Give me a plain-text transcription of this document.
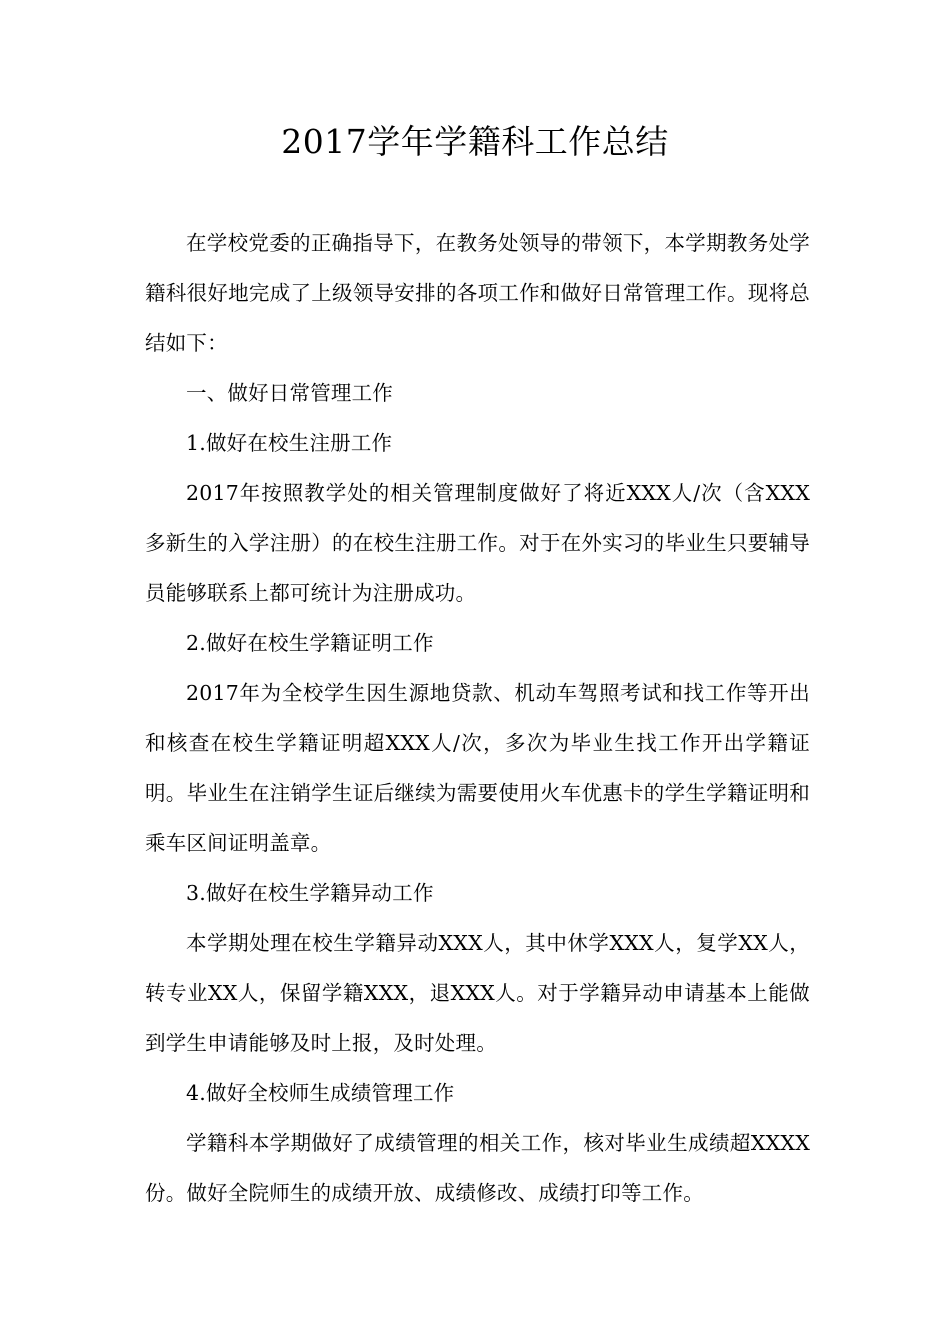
2017学年学籍科工作总结

在学校党委的正确指导下，在教务处领导的带领下，本学期教务处学籍科很好地完成了上级领导安排的各项工作和做好日常管理工作。现将总结如下：

一、做好日常管理工作

1.做好在校生注册工作

2017年按照教学处的相关管理制度做好了将近XXX人/次（含XXX多新生的入学注册）的在校生注册工作。对于在外实习的毕业生只要辅导员能够联系上都可统计为注册成功。

2.做好在校生学籍证明工作

2017年为全校学生因生源地贷款、机动车驾照考试和找工作等开出和核查在校生学籍证明超XXX人/次，多次为毕业生找工作开出学籍证明。毕业生在注销学生证后继续为需要使用火车优惠卡的学生学籍证明和乘车区间证明盖章。

3.做好在校生学籍异动工作

本学期处理在校生学籍异动XXX人，其中休学XXX人，复学XX人，转专业XX人，保留学籍XXX，退XXX人。对于学籍异动申请基本上能做到学生申请能够及时上报，及时处理。

4.做好全校师生成绩管理工作

学籍科本学期做好了成绩管理的相关工作，核对毕业生成绩超XXXX份。做好全院师生的成绩开放、成绩修改、成绩打印等工作。
